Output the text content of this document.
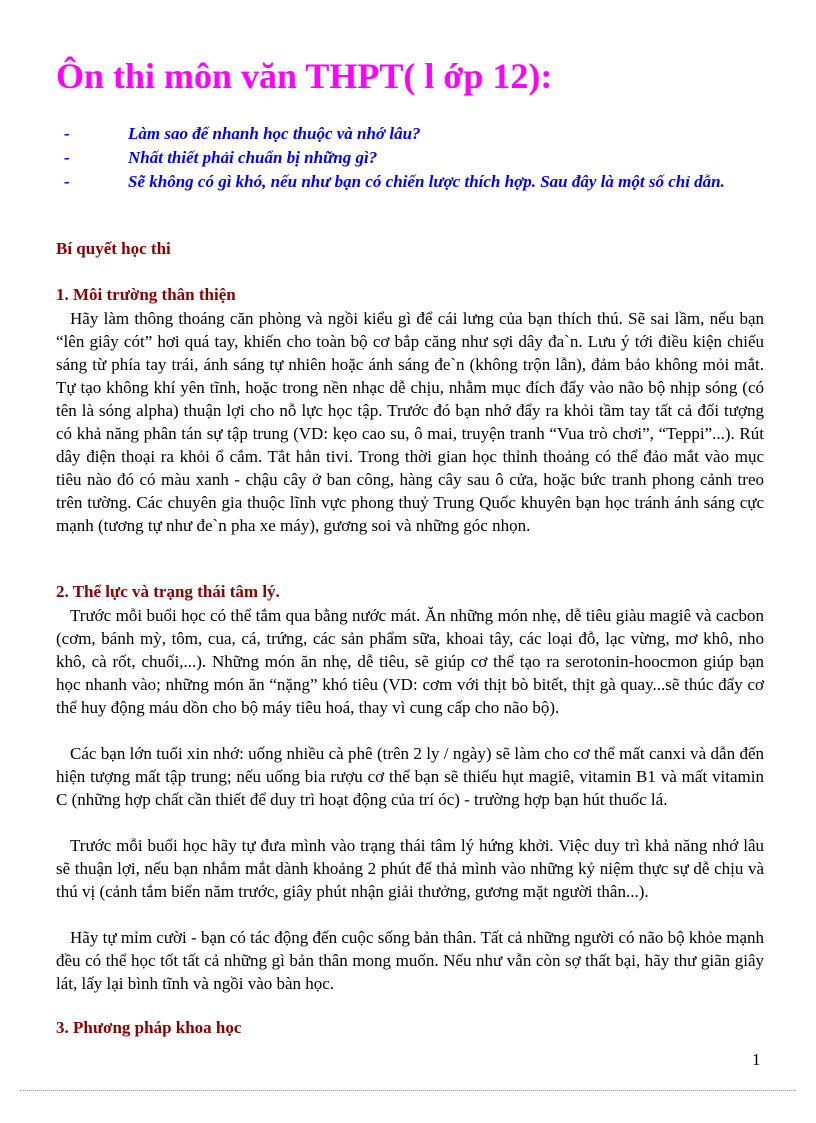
Ôn thi môn văn THPT( l ớp 12):
-	Làm sao để nhanh học thuộc và nhớ lâu?
-	Nhất thiết phải chuẩn bị những gì?
-	Sẽ không có gì khó, nếu như bạn có chiến lược thích hợp. Sau đây là một số chỉ dẫn.
Bí quyết học thi
1. Môi trường thân thiện

Hãy làm thông thoáng căn phòng và ngồi kiểu gì để cái lưng của bạn thích thú. Sẽ sai lầm, nếu bạn “lên giây cót” hơi quá tay, khiến cho toàn bộ cơ bắp căng như sợi dây đa`n. Lưu ý tới điều kiện chiếu sáng từ phía tay trái, ánh sáng tự nhiên hoặc ánh sáng đe`n (không trộn lẫn), đảm bảo không mỏi mắt. Tự tạo không khí yên tĩnh, hoặc trong nền nhạc dễ chịu, nhằm mục đích đẩy vào não bộ nhịp sóng (có tên là sóng alpha) thuận lợi cho nỗ lực học tập. Trước đó bạn nhớ đẩy ra khỏi tầm tay tất cả đối tượng có khả năng phân tán sự tập trung (VD: kẹo cao su, ô mai, truyện tranh “Vua trò chơi”, “Teppi”...). Rút dây điện thoại ra khỏi ổ cắm. Tắt hẳn tivi. Trong thời gian học thỉnh thoảng có thể đảo mắt vào mục tiêu nào đó có màu xanh - chậu cây ở ban công, hàng cây sau ô cửa, hoặc bức tranh phong cảnh treo trên tường. Các chuyên gia thuộc lĩnh vực phong thuỷ Trung Quốc khuyên bạn học tránh ánh sáng cực mạnh (tương tự như đe`n pha xe máy), gương soi và những góc nhọn.

2. Thể lực và trạng thái tâm lý.

Trước mỗi buổi học có thể tắm qua bằng nước mát. Ăn những món nhẹ, dễ tiêu giàu magiê và cacbon (cơm, bánh mỳ, tôm, cua, cá, trứng, các sản phẩm sữa, khoai tây, các loại đỗ, lạc vừng, mơ khô, nho khô, cà rốt, chuối,...). Những món ăn nhẹ, dễ tiêu, sẽ giúp cơ thể tạo ra serotonin-hoocmon giúp bạn học nhanh vào; những món ăn “nặng” khó tiêu (VD: cơm với thịt bò bitết, thịt gà quay...sẽ thúc đẩy cơ thể huy động máu dồn cho bộ máy tiêu hoá, thay vì cung cấp cho não bộ).

Các bạn lớn tuổi xin nhớ: uống nhiều cà phê (trên 2 ly / ngày) sẽ làm cho cơ thể mất canxi và dẫn đến hiện tượng mất tập trung; nếu uống bia rượu cơ thể bạn sẽ thiếu hụt magiê, vitamin B1 và mất vitamin C (những hợp chất cần thiết để duy trì hoạt động của trí óc) - trường hợp bạn hút thuốc lá.

Trước mỗi buổi học hãy tự đưa mình vào trạng thái tâm lý hứng khởi. Việc duy trì khả năng nhớ lâu sẽ thuận lợi, nếu bạn nhắm mắt dành khoảng 2 phút để thả mình vào những kỷ niệm thực sự dễ chịu và thú vị (cảnh tắm biển năm trước, giây phút nhận giải thưởng, gương mặt người thân...).

Hãy tự mỉm cười - bạn có tác động đến cuộc sống bản thân. Tất cả những người có não bộ khỏe mạnh đều có thể học tốt tất cả những gì bản thân mong muốn. Nếu như vẫn còn sợ thất bại, hãy thư giãn giây lát, lấy lại bình tĩnh và ngồi vào bàn học.

3. Phương pháp khoa học
1
